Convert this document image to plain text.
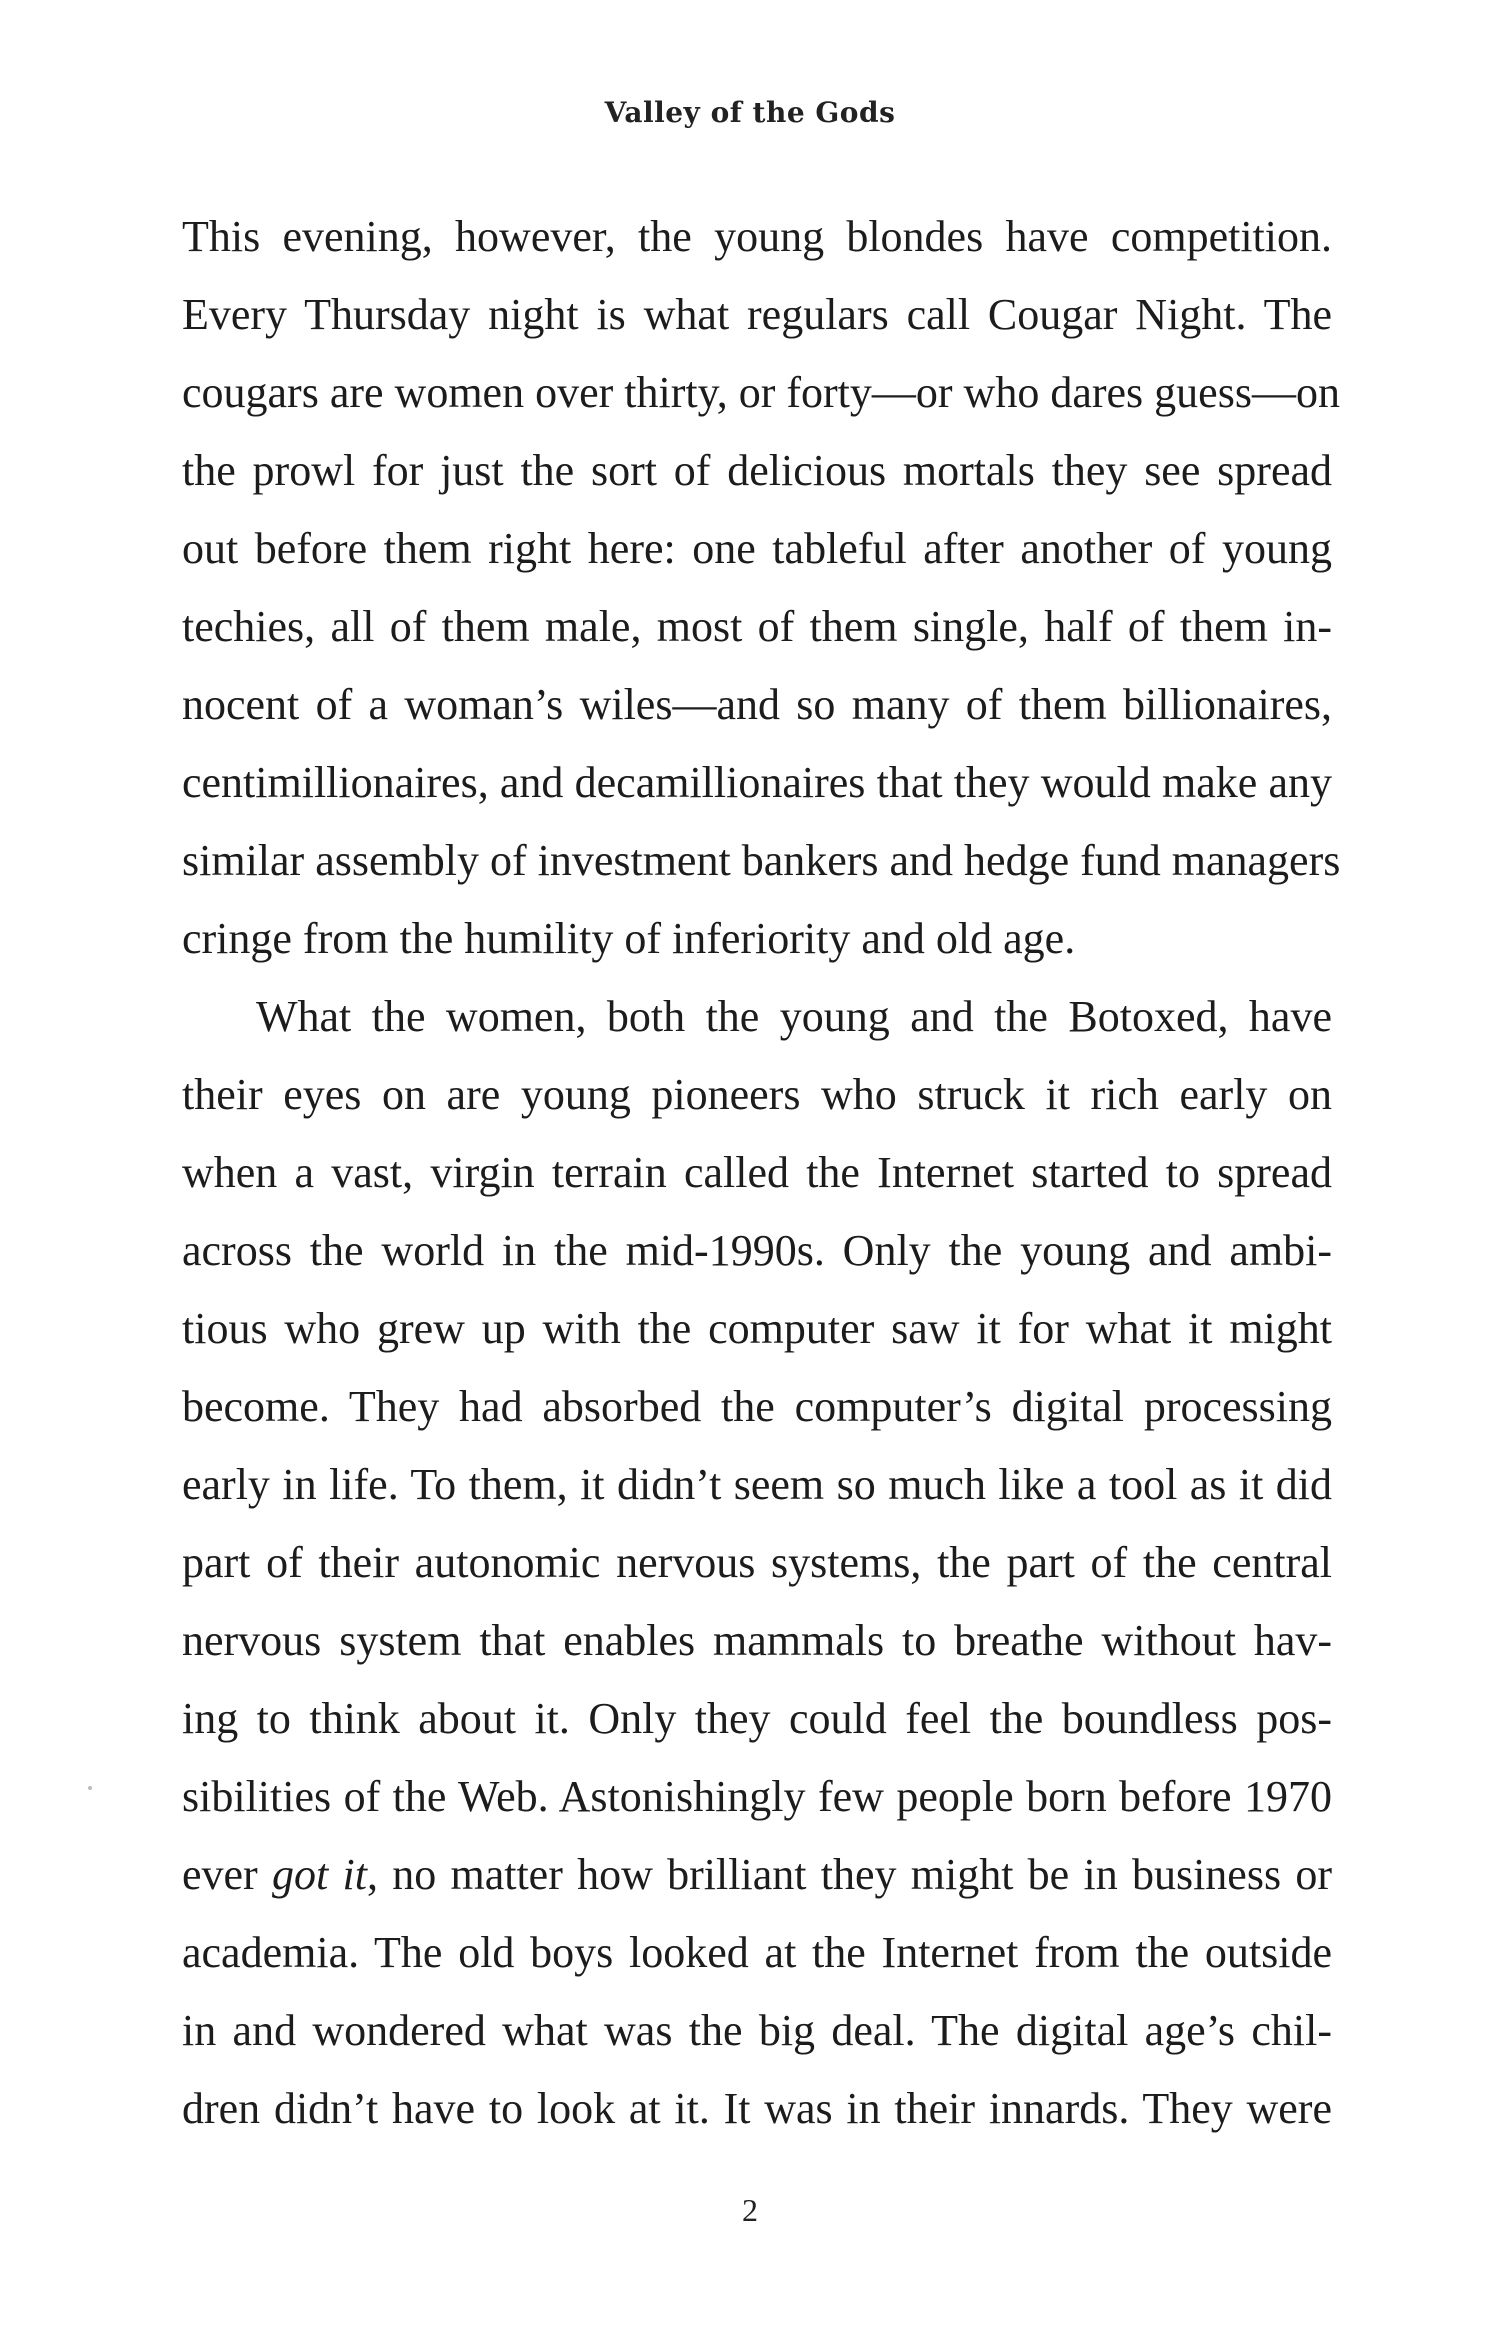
Valley of the Gods
This evening, however, the young blondes have competition.
Every Thursday night is what regulars call Cougar Night. The
cougars are women over thirty, or forty—or who dares guess—on
the prowl for just the sort of delicious mortals they see spread
out before them right here: one tableful after another of young
techies, all of them male, most of them single, half of them in-
nocent of a woman’s wiles—and so many of them billionaires,
centimillionaires, and decamillionaires that they would make any
similar assembly of investment bankers and hedge fund managers
cringe from the humility of inferiority and old age.
What the women, both the young and the Botoxed, have
their eyes on are young pioneers who struck it rich early on
when a vast, virgin terrain called the Internet started to spread
across the world in the mid-1990s. Only the young and ambi-
tious who grew up with the computer saw it for what it might
become. They had absorbed the computer’s digital processing
early in life. To them, it didn’t seem so much like a tool as it did
part of their autonomic nervous systems, the part of the central
nervous system that enables mammals to breathe without hav-
ing to think about it. Only they could feel the boundless pos-
sibilities of the Web. Astonishingly few people born before 1970
ever got it, no matter how brilliant they might be in business or
academia. The old boys looked at the Internet from the outside
in and wondered what was the big deal. The digital age’s chil-
dren didn’t have to look at it. It was in their innards. They were
2
